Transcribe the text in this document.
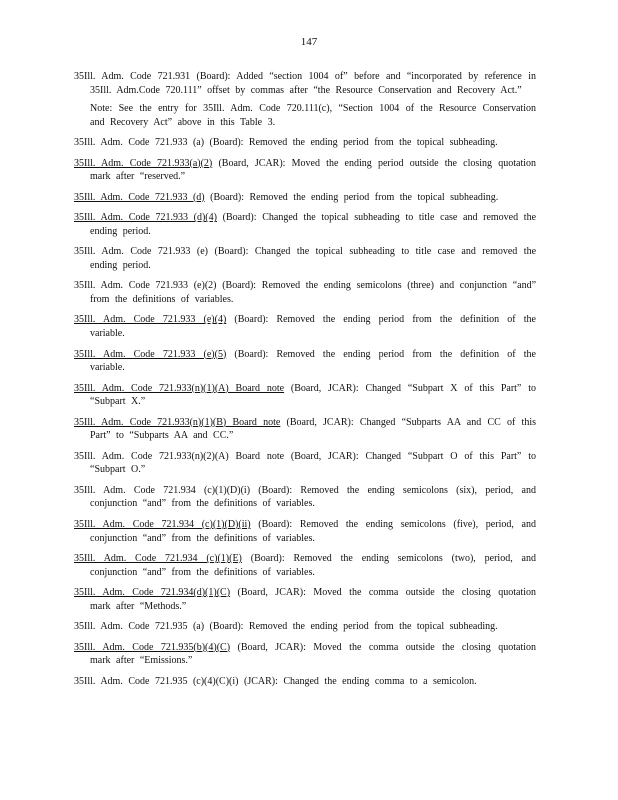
147

35Ill. Adm. Code 721.931 (Board): Added “section 1004 of” before and “incorporated by reference in 35Ill. Adm.Code 720.111” offset by commas after “the Resource Conservation and Recovery Act.”

Note: See the entry for 35Ill. Adm. Code 720.111(c), “Section 1004 of the Resource Conservation and Recovery Act” above in this Table 3.

35Ill. Adm. Code 721.933 (a) (Board): Removed the ending period from the topical subheading.

35Ill. Adm. Code 721.933(a)(2) (Board, JCAR): Moved the ending period outside the closing quotation mark after “reserved.”

35Ill. Adm. Code 721.933 (d) (Board): Removed the ending period from the topical subheading.

35Ill. Adm. Code 721.933 (d)(4) (Board): Changed the topical subheading to title case and removed the ending period.

35Ill. Adm. Code 721.933 (e) (Board): Changed the topical subheading to title case and removed the ending period.

35Ill. Adm. Code 721.933 (e)(2) (Board): Removed the ending semicolons (three) and conjunction “and” from the definitions of variables.

35Ill. Adm. Code 721.933 (e)(4) (Board): Removed the ending period from the definition of the variable.

35Ill. Adm. Code 721.933 (e)(5) (Board): Removed the ending period from the definition of the variable.

35Ill. Adm. Code 721.933(n)(1)(A) Board note (Board, JCAR): Changed “Subpart X of this Part” to “Subpart X.”

35Ill. Adm. Code 721.933(n)(1)(B) Board note (Board, JCAR): Changed “Subparts AA and CC of this Part” to “Subparts AA and CC.”

35Ill. Adm. Code 721.933(n)(2)(A) Board note (Board, JCAR): Changed “Subpart O of this Part” to “Subpart O.”

35Ill. Adm. Code 721.934 (c)(1)(D)(i) (Board): Removed the ending semicolons (six), period, and conjunction “and” from the definitions of variables.

35Ill. Adm. Code 721.934 (c)(1)(D)(ii) (Board): Removed the ending semicolons (five), period, and conjunction “and” from the definitions of variables.

35Ill. Adm. Code 721.934 (c)(1)(E) (Board): Removed the ending semicolons (two), period, and conjunction “and” from the definitions of variables.

35Ill. Adm. Code 721.934(d)(1)(C) (Board, JCAR): Moved the comma outside the closing quotation mark after “Methods.”

35Ill. Adm. Code 721.935 (a) (Board): Removed the ending period from the topical subheading.

35Ill. Adm. Code 721.935(b)(4)(C) (Board, JCAR): Moved the comma outside the closing quotation mark after “Emissions.”

35Ill. Adm. Code 721.935 (c)(4)(C)(i) (JCAR): Changed the ending comma to a semicolon.
